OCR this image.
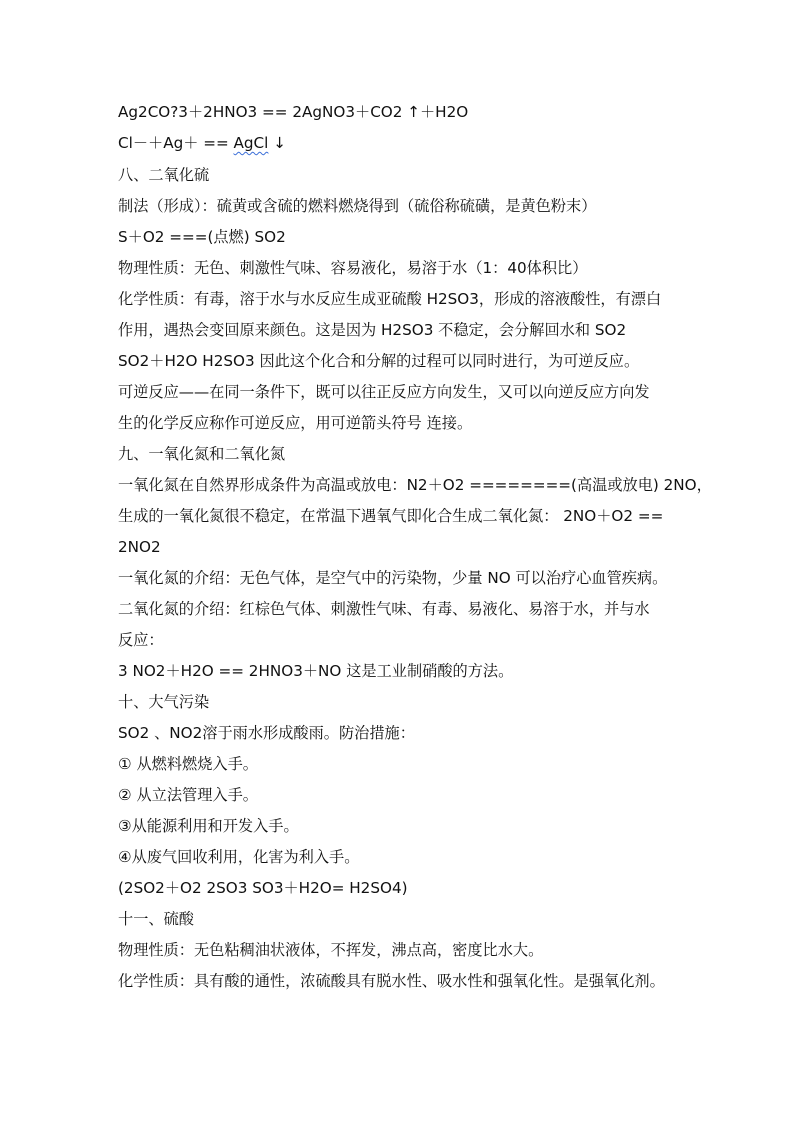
Ag2CO?3＋2HNO3 == 2AgNO3＋CO2 ↑＋H2O
Cl－＋Ag＋ == AgCl ↓
八、二氧化硫
制法（形成）：硫黄或含硫的燃料燃烧得到（硫俗称硫磺，是黄色粉末）
S＋O2 ===(点燃) SO2
物理性质：无色、刺激性气味、容易液化，易溶于水（1：40体积比）
化学性质：有毒，溶于水与水反应生成亚硫酸 H2SO3，形成的溶液酸性，有漂白
作用，遇热会变回原来颜色。这是因为 H2SO3 不稳定，会分解回水和 SO2
SO2＋H2O H2SO3 因此这个化合和分解的过程可以同时进行，为可逆反应。
可逆反应——在同一条件下，既可以往正反应方向发生，又可以向逆反应方向发
生的化学反应称作可逆反应，用可逆箭头符号 连接。
九、一氧化氮和二氧化氮
一氧化氮在自然界形成条件为高温或放电：N2＋O2 ========(高温或放电) 2NO，
生成的一氧化氮很不稳定，在常温下遇氧气即化合生成二氧化氮： 2NO＋O2 ==
2NO2
一氧化氮的介绍：无色气体，是空气中的污染物，少量 NO 可以治疗心血管疾病。
二氧化氮的介绍：红棕色气体、刺激性气味、有毒、易液化、易溶于水，并与水
反应：
3 NO2＋H2O == 2HNO3＋NO 这是工业制硝酸的方法。
十、大气污染
SO2 、NO2溶于雨水形成酸雨。防治措施：
① 从燃料燃烧入手。
② 从立法管理入手。
③从能源利用和开发入手。
④从废气回收利用，化害为利入手。
(2SO2＋O2 2SO3 SO3＋H2O= H2SO4)
十一、硫酸
物理性质：无色粘稠油状液体，不挥发，沸点高，密度比水大。
化学性质：具有酸的通性，浓硫酸具有脱水性、吸水性和强氧化性。是强氧化剂。
